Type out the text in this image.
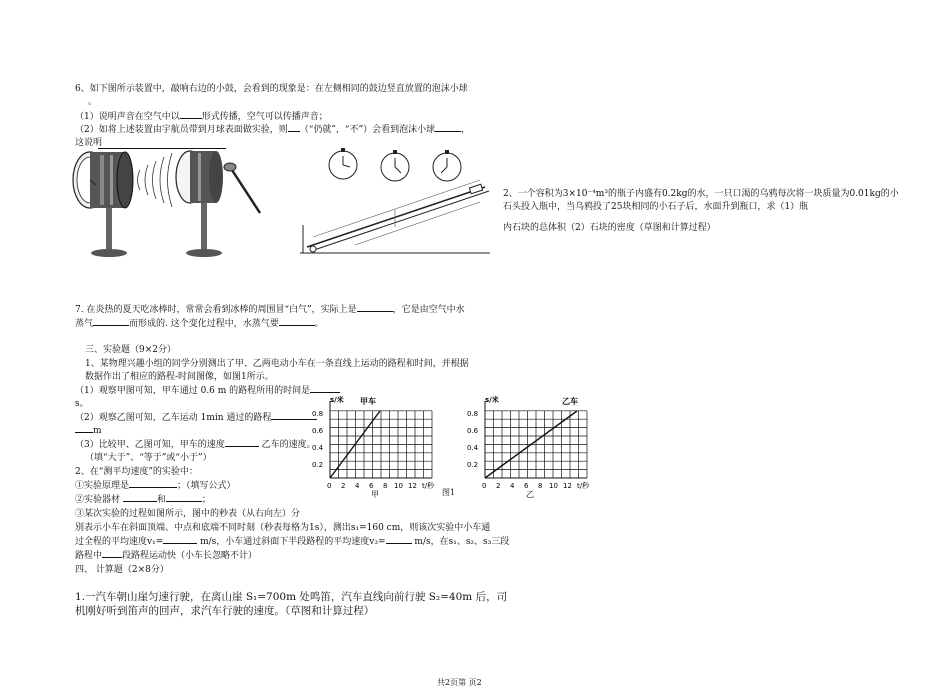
6、如下图所示装置中，敲响右边的小鼓，会看到的现象是：在左侧相同的鼓边竖直放置的泡沫小球
。
（1）说明声音在空气中以 形式传播，空气可以传播声音；
（2）如将上述装置由宇航员带到月球表面做实验，则 （“仍就”，“不”）会看到泡沫小球	，
这说明
2、一个容积为3×10⁻⁴m³的瓶子内盛有0.2kg的水，一只口渴的乌鸦每次将一块质量为0.01kg的小
石头投入瓶中，当乌鸦投了25块相同的小石子后，水面升到瓶口，求（1）瓶
内石块的总体积（2）石块的密度（草图和计算过程）
7. 在炎热的夏天吃冰棒时，常常会看到冰棒的周围冒“白气”，实际上是	，它是由空气中水
蒸气	而形成的. 这个变化过程中，水蒸气要	。
三、实验题（9×2分）
1、某物理兴趣小组的同学分别测出了甲、乙两电动小车在一条直线上运动的路程和时间，并根据
数据作出了相应的路程-时间图像，如图1所示。
（1）观察甲图可知，甲车通过 0.6 m 的路程所用的时间是
s。
（2）观察乙图可知，乙车运动 1min 通过的路程
m
（3）比较甲、乙图可知，甲车的速度	乙车的速度。
（填“大于”、“等于”或“小于”）
2、在“测平均速度”的实验中：
①实验原理是	；（填写公式）
②实验器材	和	；
③某次实验的过程如图所示，图中的秒表（从右向左）分
别表示小车在斜面顶端、中点和底端不同时刻（秒表每格为1s），测出s₁=160 cm，则该次实验中小车通
过全程的平均速度v₁=	m/s，小车通过斜面下半段路程的平均速度v₃=	m/s，在s₁、s₂、s₃三段
路程中 段路程运动快（小车长忽略不计）
四、 计算题（2×8分）
1.一汽车朝山崖匀速行驶，在离山崖 S₁=700m 处鸣笛，汽车直线向前行驶 S₂=40m 后，司
机刚好听到笛声的回声，求汽车行驶的速度。（草图和计算过程）
s/米 甲车
0.8
0.6
0.4
0.2
0 2 4 6 8 10 12 t/秒
甲	图1
s/米	乙车
0.8
0.6
0.4
0.2
0 2 4 6 8 10 12 t/秒
乙
共2页第 页2
